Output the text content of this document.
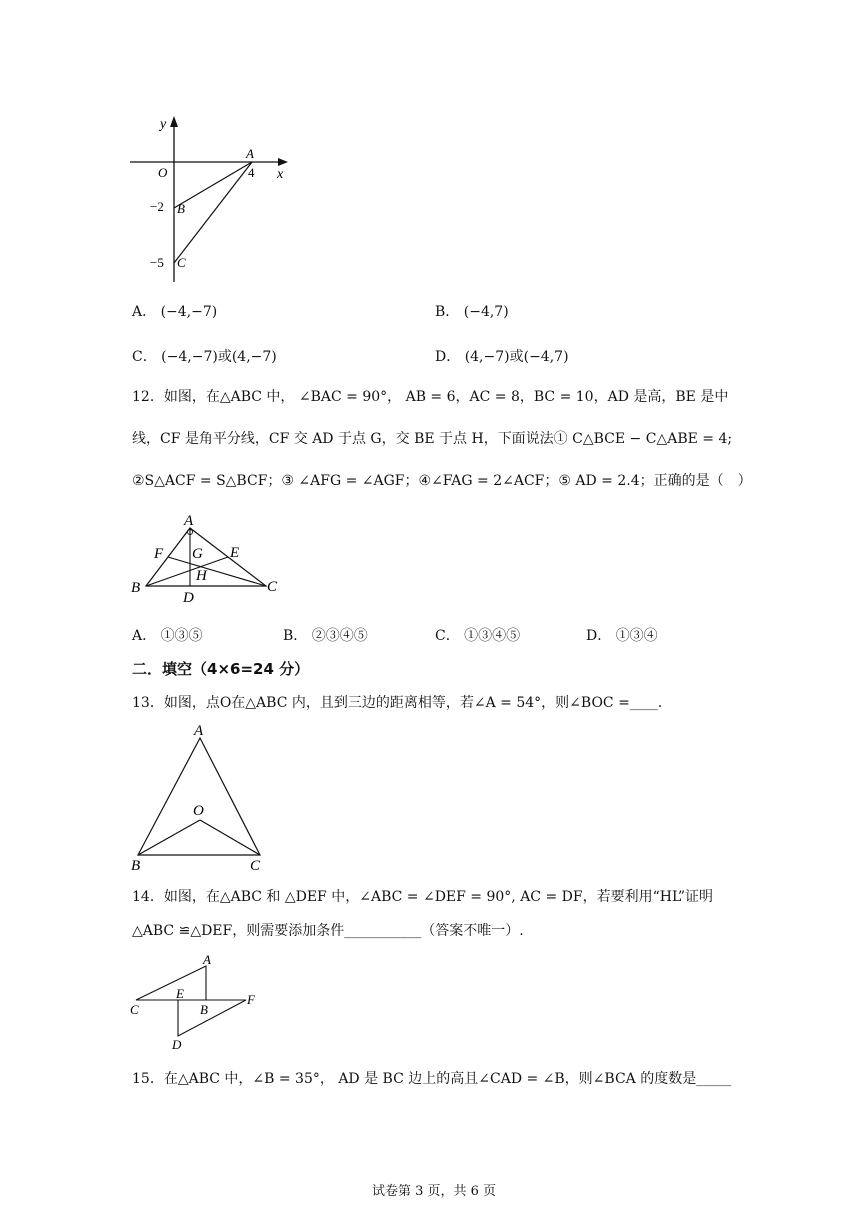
y
x
O
A
4
B
−2
C
−5
A． (−4,−7)	B． (−4,7)
C． (−4,−7)或(4,−7)	D． (4,−7)或(−4,7)
12．如图，在△ABC 中， ∠BAC = 90°， AB = 6，AC = 8，BC = 10，AD 是高，BE 是中
线，CF 是角平分线，CF 交 AD 于点 G，交 BE 于点 H，下面说法① C△BCE − C△ABE = 4;
②S△ACF = S△BCF；③ ∠AFG = ∠AGF；④∠FAG = 2∠ACF；⑤ AD = 2.4；正确的是（　）
A
B	C
D
E
F G
H
A． ①③⑤	B． ②③④⑤	C． ①③④⑤	D． ①③④
二．填空（4×6=24 分）
13．如图，点O在△ABC 内，且到三边的距离相等，若∠A = 54°，则∠BOC =____.
A
O
B	C
14．如图，在△ABC 和 △DEF 中，∠ABC = ∠DEF = 90°, AC = DF，若要利用“HL”证明
△ABC ≌△DEF，则需要添加条件___________（答案不唯一）.
A
E	F
C	B
D
15．在△ABC 中，∠B = 35°， AD 是 BC 边上的高且∠CAD = ∠B，则∠BCA 的度数是_____
试卷第 3 页，共 6 页
